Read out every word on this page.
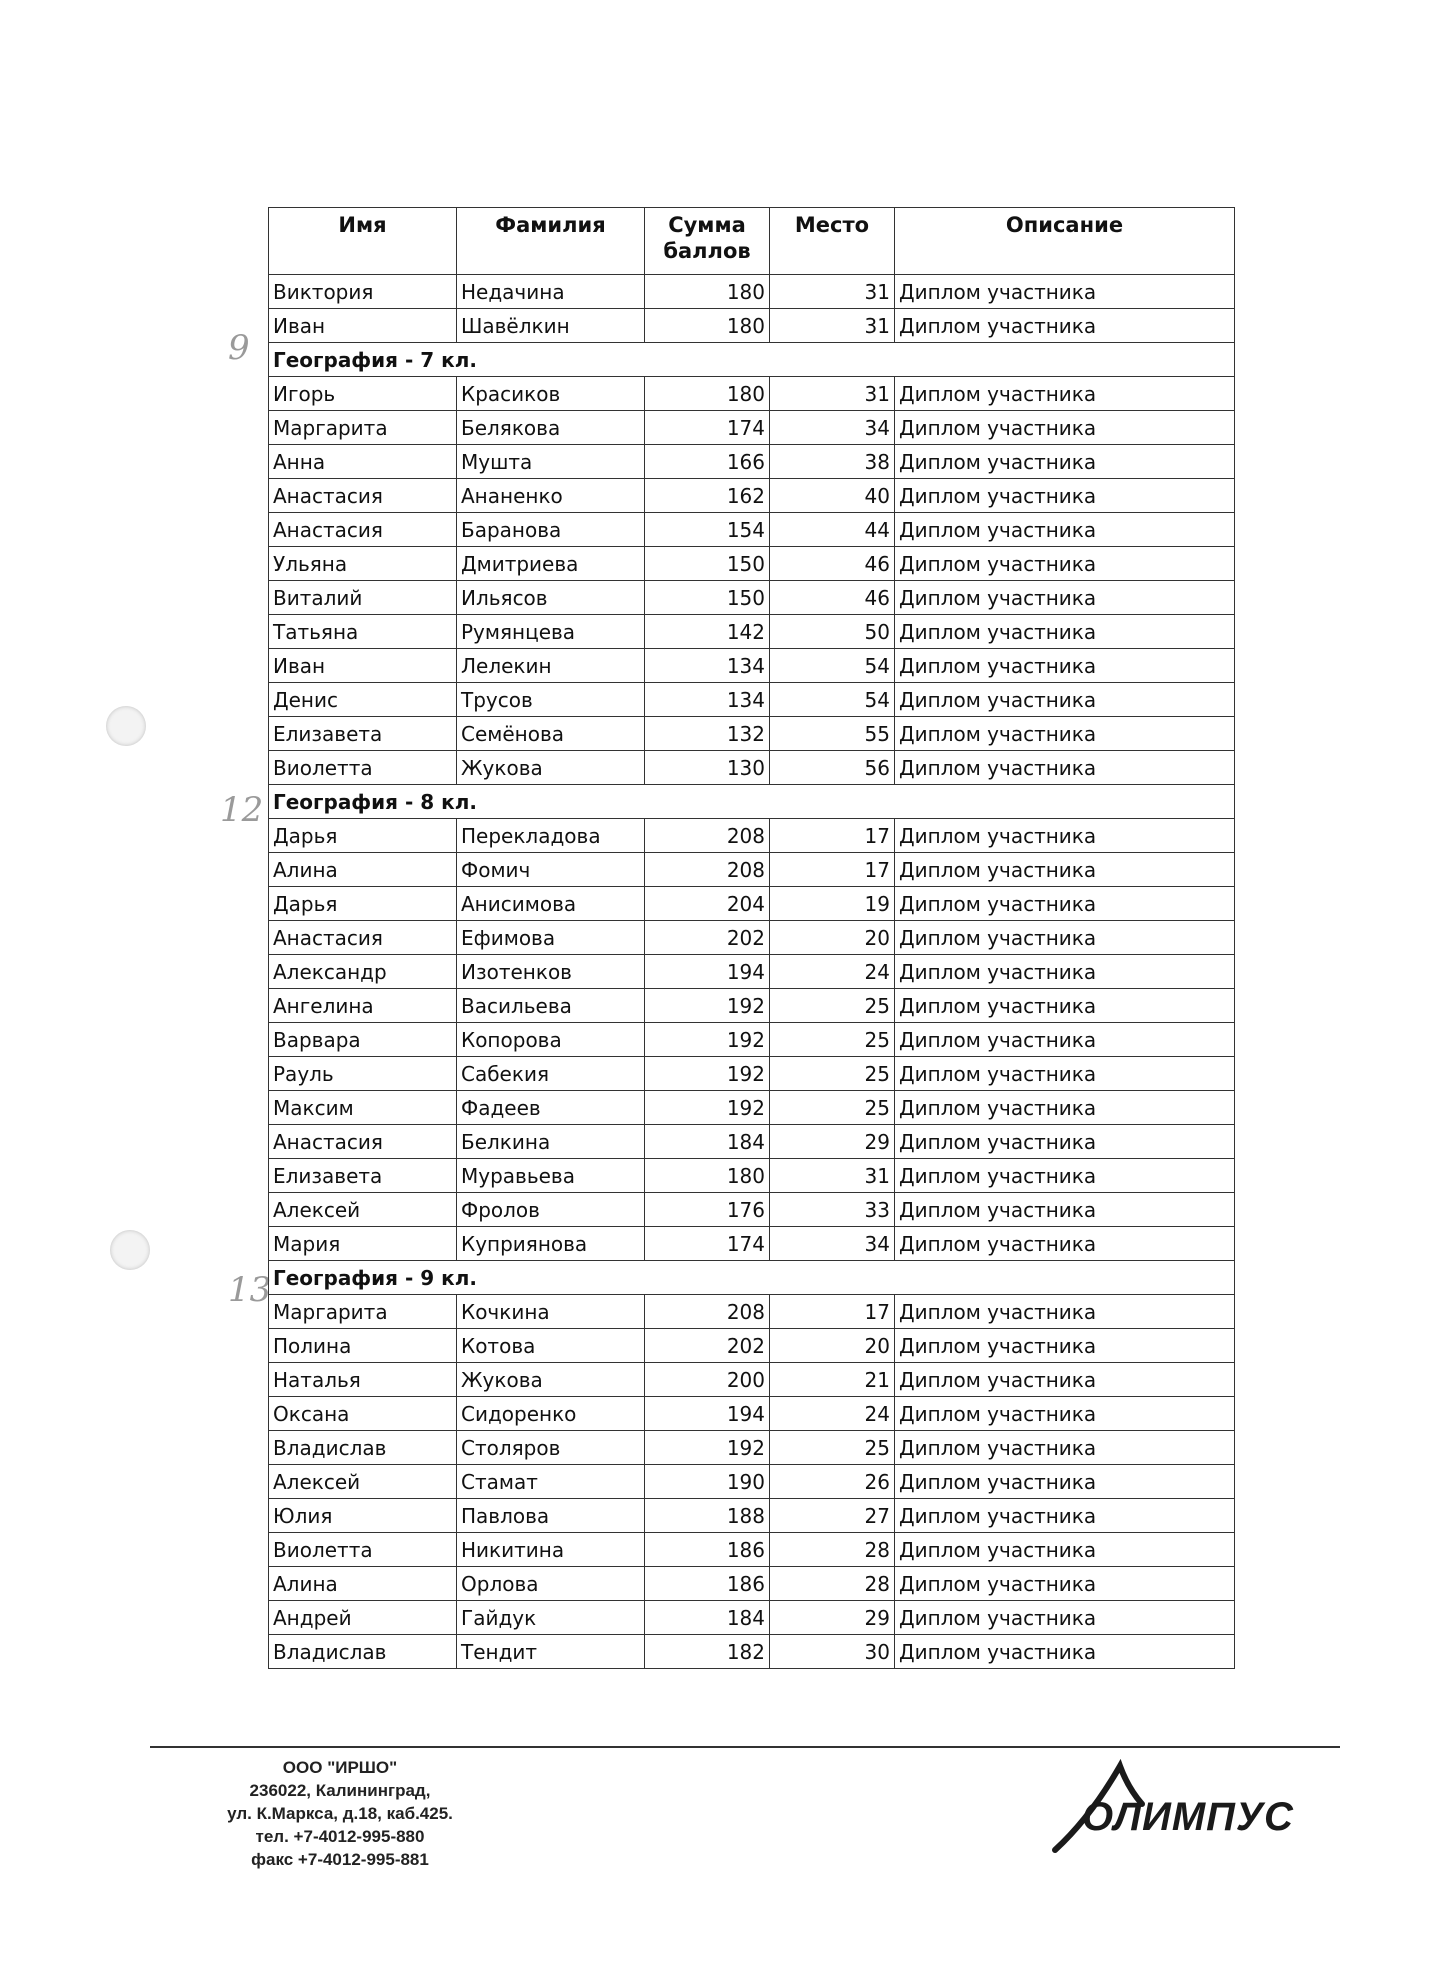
9
12
13
Имя	Фамилия	Сумма баллов	Место	Описание
Виктория	Недачина	180	31	Диплом участника
Иван	Шавёлкин	180	31	Диплом участника
География - 7 кл.				
Игорь	Красиков	180	31	Диплом участника
Маргарита	Белякова	174	34	Диплом участника
Анна	Мушта	166	38	Диплом участника
Анастасия	Ананенко	162	40	Диплом участника
Анастасия	Баранова	154	44	Диплом участника
Ульяна	Дмитриева	150	46	Диплом участника
Виталий	Ильясов	150	46	Диплом участника
Татьяна	Румянцева	142	50	Диплом участника
Иван	Лелекин	134	54	Диплом участника
Денис	Трусов	134	54	Диплом участника
Елизавета	Семёнова	132	55	Диплом участника
Виолетта	Жукова	130	56	Диплом участника
География - 8 кл.				
Дарья	Перекладова	208	17	Диплом участника
Алина	Фомич	208	17	Диплом участника
Дарья	Анисимова	204	19	Диплом участника
Анастасия	Ефимова	202	20	Диплом участника
Александр	Изотенков	194	24	Диплом участника
Ангелина	Васильева	192	25	Диплом участника
Варвара	Копорова	192	25	Диплом участника
Рауль	Сабекия	192	25	Диплом участника
Максим	Фадеев	192	25	Диплом участника
Анастасия	Белкина	184	29	Диплом участника
Елизавета	Муравьева	180	31	Диплом участника
Алексей	Фролов	176	33	Диплом участника
Мария	Куприянова	174	34	Диплом участника
География - 9 кл.				
Маргарита	Кочкина	208	17	Диплом участника
Полина	Котова	202	20	Диплом участника
Наталья	Жукова	200	21	Диплом участника
Оксана	Сидоренко	194	24	Диплом участника
Владислав	Столяров	192	25	Диплом участника
Алексей	Стамат	190	26	Диплом участника
Юлия	Павлова	188	27	Диплом участника
Виолетта	Никитина	186	28	Диплом участника
Алина	Орлова	186	28	Диплом участника
Андрей	Гайдук	184	29	Диплом участника
Владислав	Тендит	182	30	Диплом участника
ООО "ИРШО"
236022, Калининград,
ул. К.Маркса, д.18, каб.425.
тел. +7-4012-995-880
факс +7-4012-995-881
ОЛИМПУС
